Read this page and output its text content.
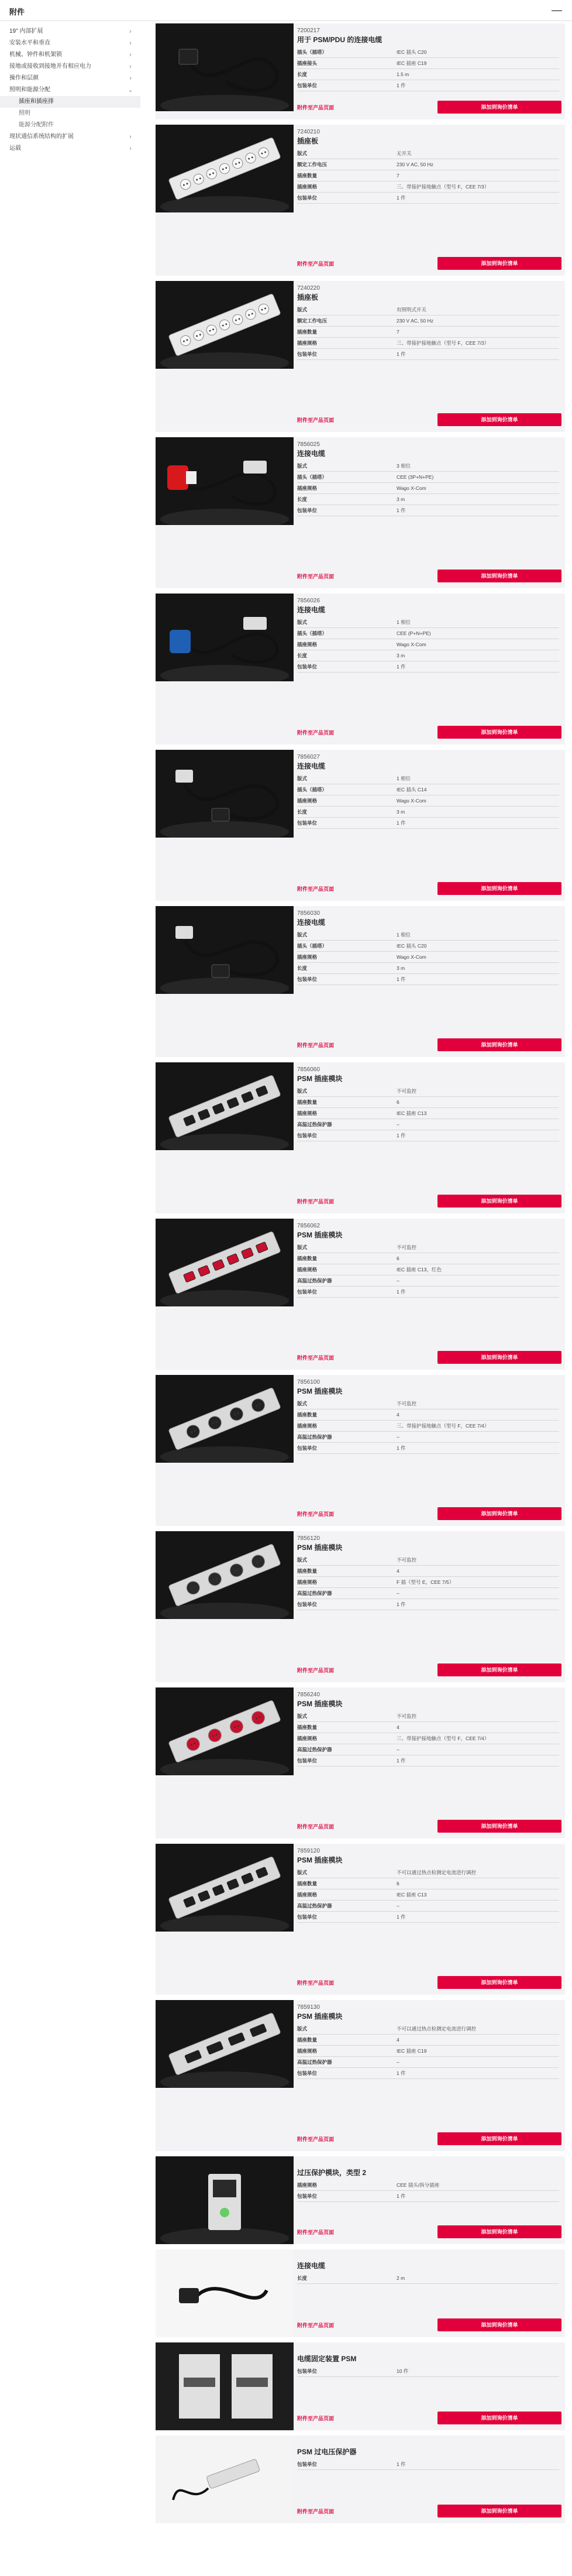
附件	—
19" 内部扩展	›
安装水平和垂直	›
机械、钟件和机架锁	›
接地或接收到接地并有相应电力	›
操作和层颜	›
照明和能源分配	⌄
插座和插座排
照明
能源分配附件
现状通信系统结构的扩展	›
运载	›
7200217
用于 PSM/PDU 的连接电缆
插头（插塔）	IEC 插头 C20
插座接头	IEC 插座 C19
长度	1.5 m
包装单位	1 件
附件至产品页面	添加到询价清单
7240210
插座板
版式	无开关
额定工作电压	230 V AC, 50 Hz
插座数量	7
插座规格	三、带接护接地触点（型号 F，CEE 7/3）
包装单位	1 件
附件至产品页面	添加到询价清单
7240220
插座板
版式	有照明式开关
额定工作电压	230 V AC, 50 Hz
插座数量	7
插座规格	三、带接护接地触点（型号 F，CEE 7/3）
包装单位	1 件
附件至产品页面	添加到询价清单
7856025
连接电缆
版式	3 相位
插头（插塔）	CEE (3P+N+PE)
插座规格	Wago X-Com
长度	3 m
包装单位	1 件
附件至产品页面	添加到询价清单
7856026
连接电缆
版式	1 相位
插头（插塔）	CEE (P+N+PE)
插座规格	Wago X-Com
长度	3 m
包装单位	1 件
附件至产品页面	添加到询价清单
7856027
连接电缆
版式	1 相位
插头（插塔）	IEC 插头 C14
插座规格	Wago X-Com
长度	3 m
包装单位	1 件
附件至产品页面	添加到询价清单
7856030
连接电缆
版式	1 相位
插头（插塔）	IEC 插头 C20
插座规格	Wago X-Com
长度	3 m
包装单位	1 件
附件至产品页面	添加到询价清单
7856060
PSM 插座模块
版式	不可监控
插座数量	6
插座规格	IEC 插座 C13
高温过热保护器	–
包装单位	1 件
附件至产品页面	添加到询价清单
7856062
PSM 插座模块
版式	不可监控
插座数量	6
插座规格	IEC 插座 C13，红色
高温过热保护器	–
包装单位	1 件
附件至产品页面	添加到询价清单
7856100
PSM 插座模块
版式	不可监控
插座数量	4
插座规格	三、带接护接地触点（型号 F，CEE 7/4）
高温过热保护器	–
包装单位	1 件
附件至产品页面	添加到询价清单
7856120
PSM 插座模块
版式	不可监控
插座数量	4
插座规格	F 插（型号 E，CEE 7/5）
高温过热保护器	–
包装单位	1 件
附件至产品页面	添加到询价清单
7856240
PSM 插座模块
版式	不可监控
插座数量	4
插座规格	三、带接护接地触点（型号 F，CEE 7/4）
高温过热保护器	–
包装单位	1 件
附件至产品页面	添加到询价清单
7859120
PSM 插座模块
版式	不可以通过热点检测定电流进行调控
插座数量	6
插座规格	IEC 插座 C13
高温过热保护器	–
包装单位	1 件
附件至产品页面	添加到询价清单
7859130
PSM 插座模块
版式	不可以通过热点检测定电流进行调控
插座数量	4
插座规格	IEC 插座 C19
高温过热保护器	–
包装单位	1 件
附件至产品页面	添加到询价清单
过压保护模块，类型 2
插座规格	CEE 插头/拆分插座
包装单位	1 件
附件至产品页面	添加到询价清单
连接电缆
长度	2 m
附件至产品页面	添加到询价清单
电缆固定装置 PSM
包装单位	10 件
附件至产品页面	添加到询价清单
PSM 过电压保护器
包装单位	1 件
附件至产品页面	添加到询价清单
